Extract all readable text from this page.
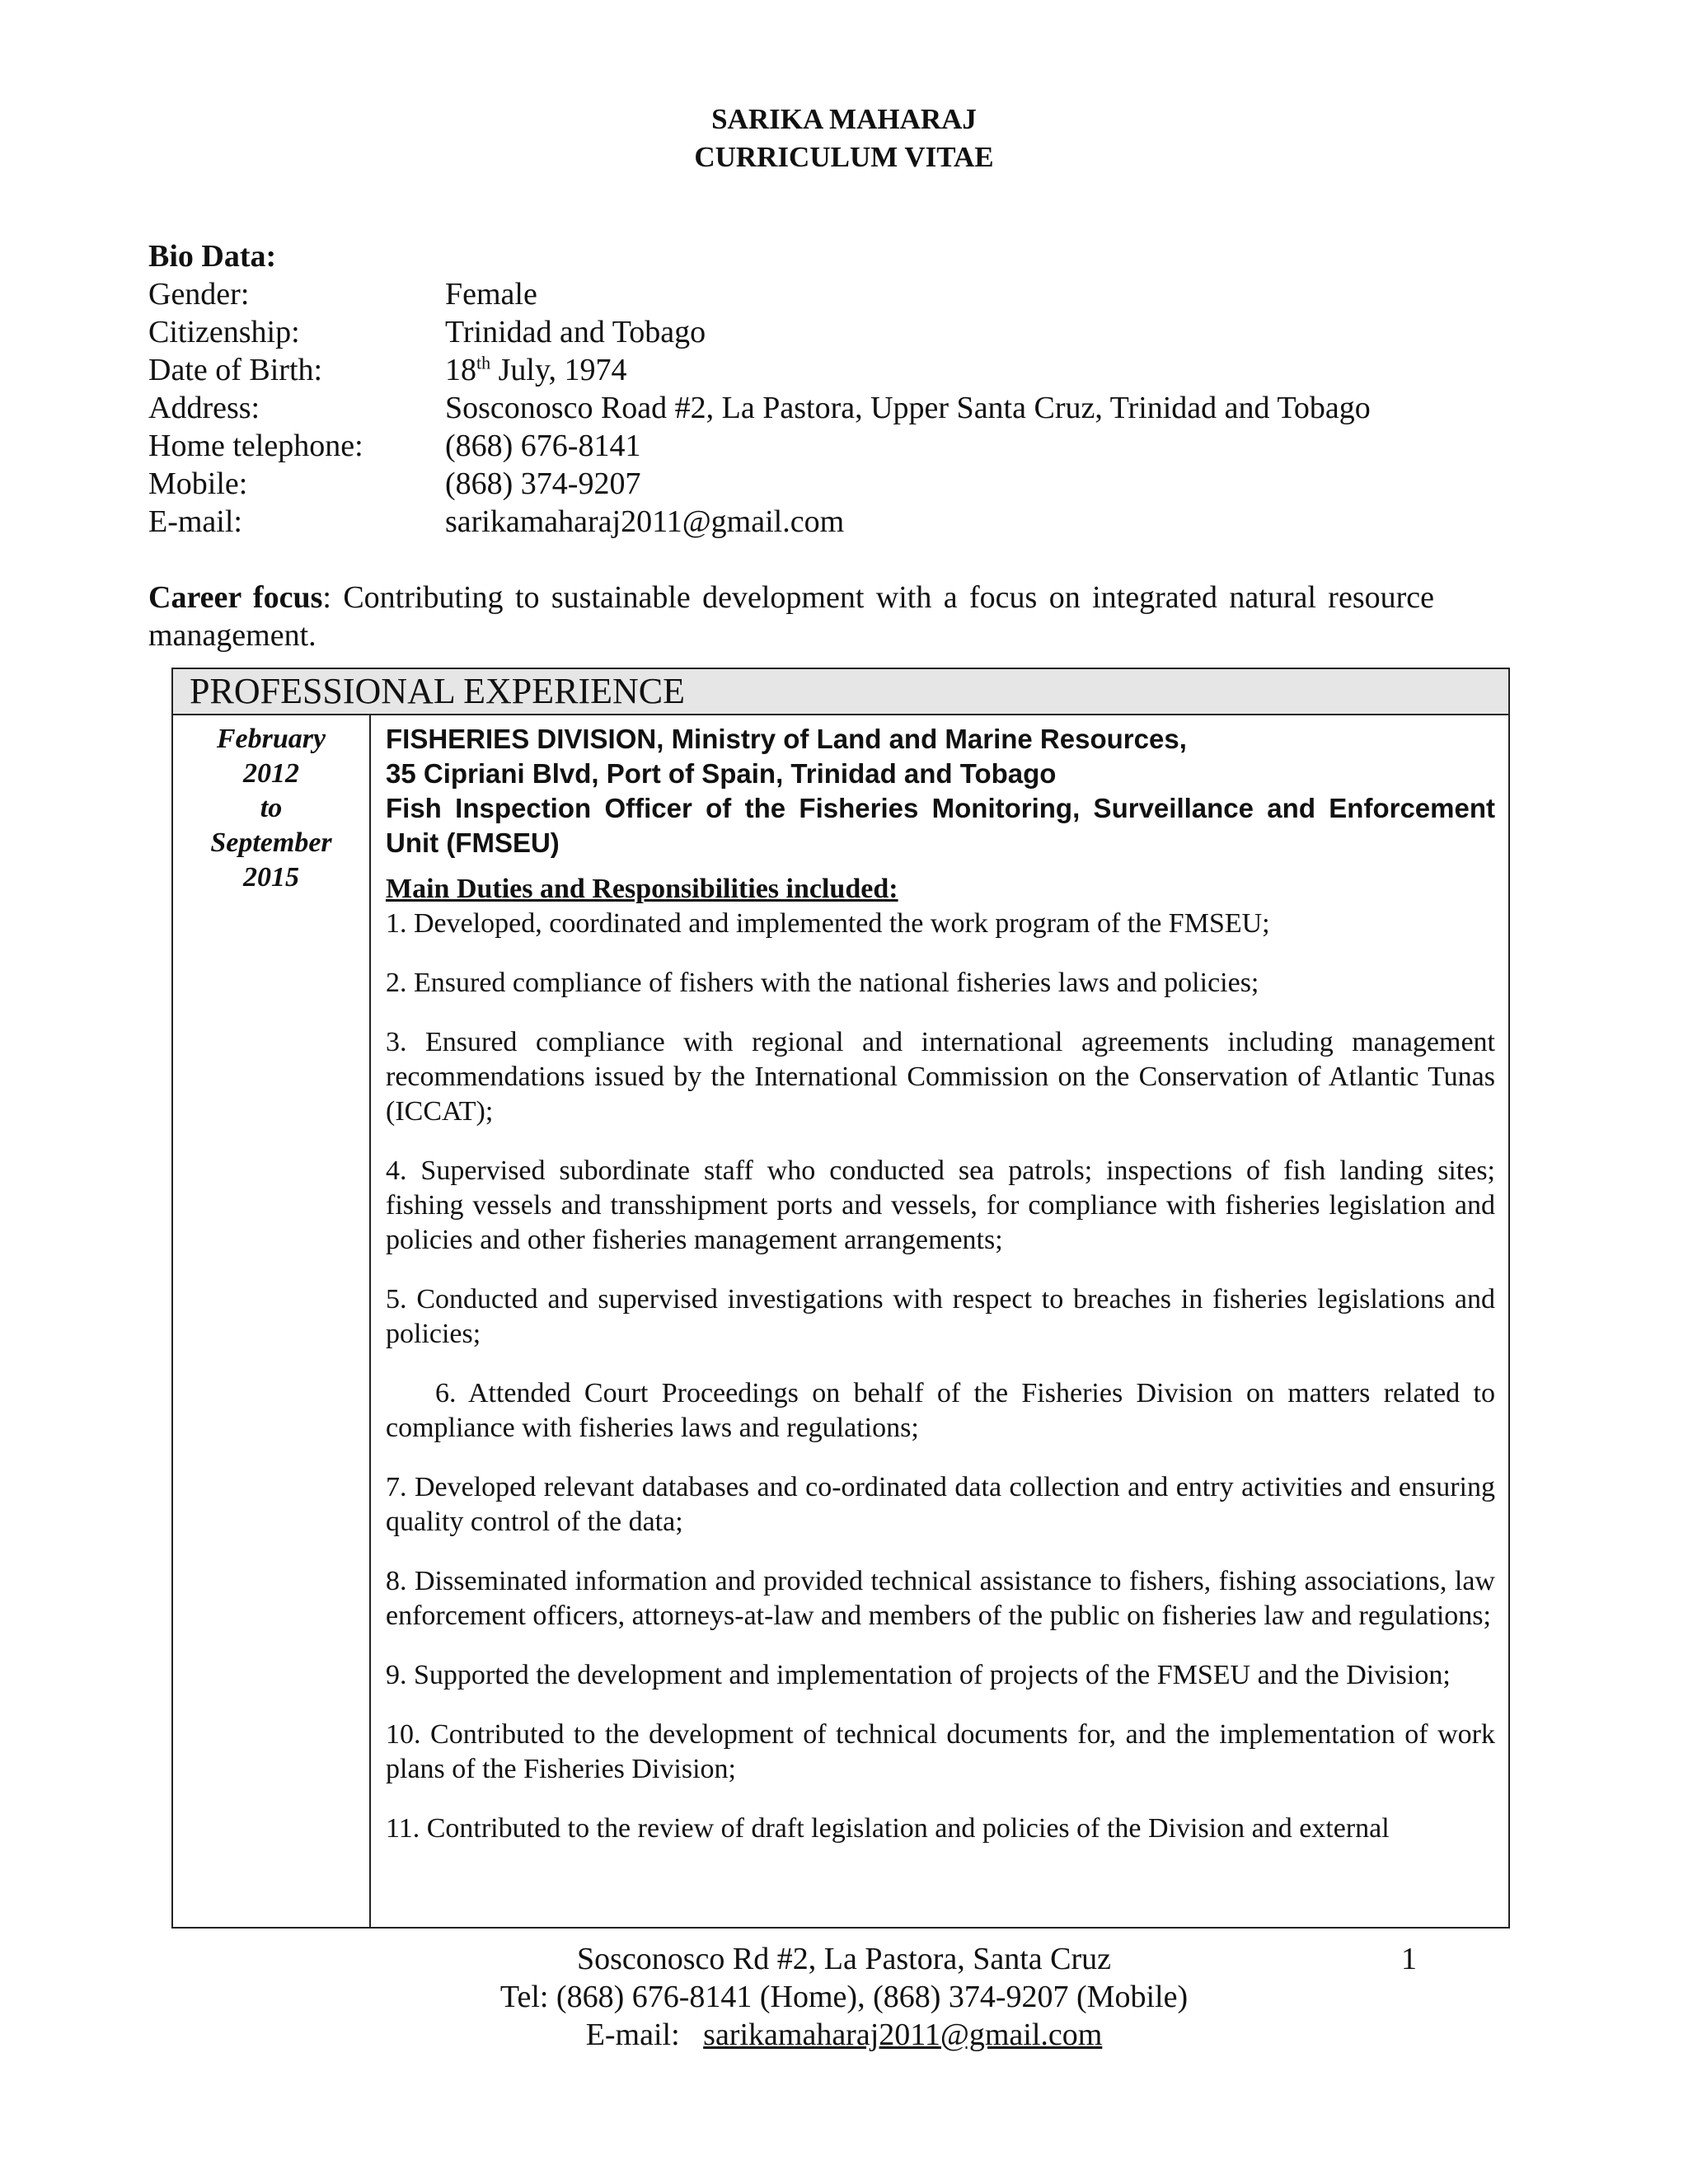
SARIKA MAHARAJ
CURRICULUM VITAE
Bio Data:
Gender:	Female
Citizenship:	Trinidad and Tobago
Date of Birth:	18th July, 1974
Address:	Sosconosco Road #2, La Pastora, Upper Santa Cruz, Trinidad and Tobago
Home telephone:	(868) 676-8141
Mobile:	(868) 374-9207
E-mail:	sarikamaharaj2011@gmail.com
Career focus: Contributing to sustainable development with a focus on integrated natural resource management.
PROFESSIONAL EXPERIENCE
February
2012
to
September
2015
FISHERIES DIVISION, Ministry of Land and Marine Resources,
35 Cipriani Blvd, Port of Spain, Trinidad and Tobago
Fish Inspection Officer of the Fisheries Monitoring, Surveillance and Enforcement Unit (FMSEU)
Main Duties and Responsibilities included:
1. Developed, coordinated and implemented the work program of the FMSEU;
2. Ensured compliance of fishers with the national fisheries laws and policies;
3. Ensured compliance with regional and international agreements including management recommendations issued by the International Commission on the Conservation of Atlantic Tunas (ICCAT);
4. Supervised subordinate staff who conducted sea patrols; inspections of fish landing sites; fishing vessels and transshipment ports and vessels, for compliance with fisheries legislation and policies and other fisheries management arrangements;
5. Conducted and supervised investigations with respect to breaches in fisheries legislations and policies;
6. Attended Court Proceedings on behalf of the Fisheries Division on matters related to compliance with fisheries laws and regulations;
7. Developed relevant databases and co-ordinated data collection and entry activities and ensuring quality control of the data;
8. Disseminated information and provided technical assistance to fishers, fishing associations, law enforcement officers, attorneys-at-law and members of the public on fisheries law and regulations;
9. Supported the development and implementation of projects of the FMSEU and the Division;
10. Contributed to the development of technical documents for, and the implementation of work plans of the Fisheries Division;
11. Contributed to the review of draft legislation and policies of the Division and external
Sosconosco Rd #2, La Pastora, Santa Cruz
Tel: (868) 676-8141 (Home), (868) 374-9207 (Mobile)
E-mail: sarikamaharaj2011@gmail.com
1
